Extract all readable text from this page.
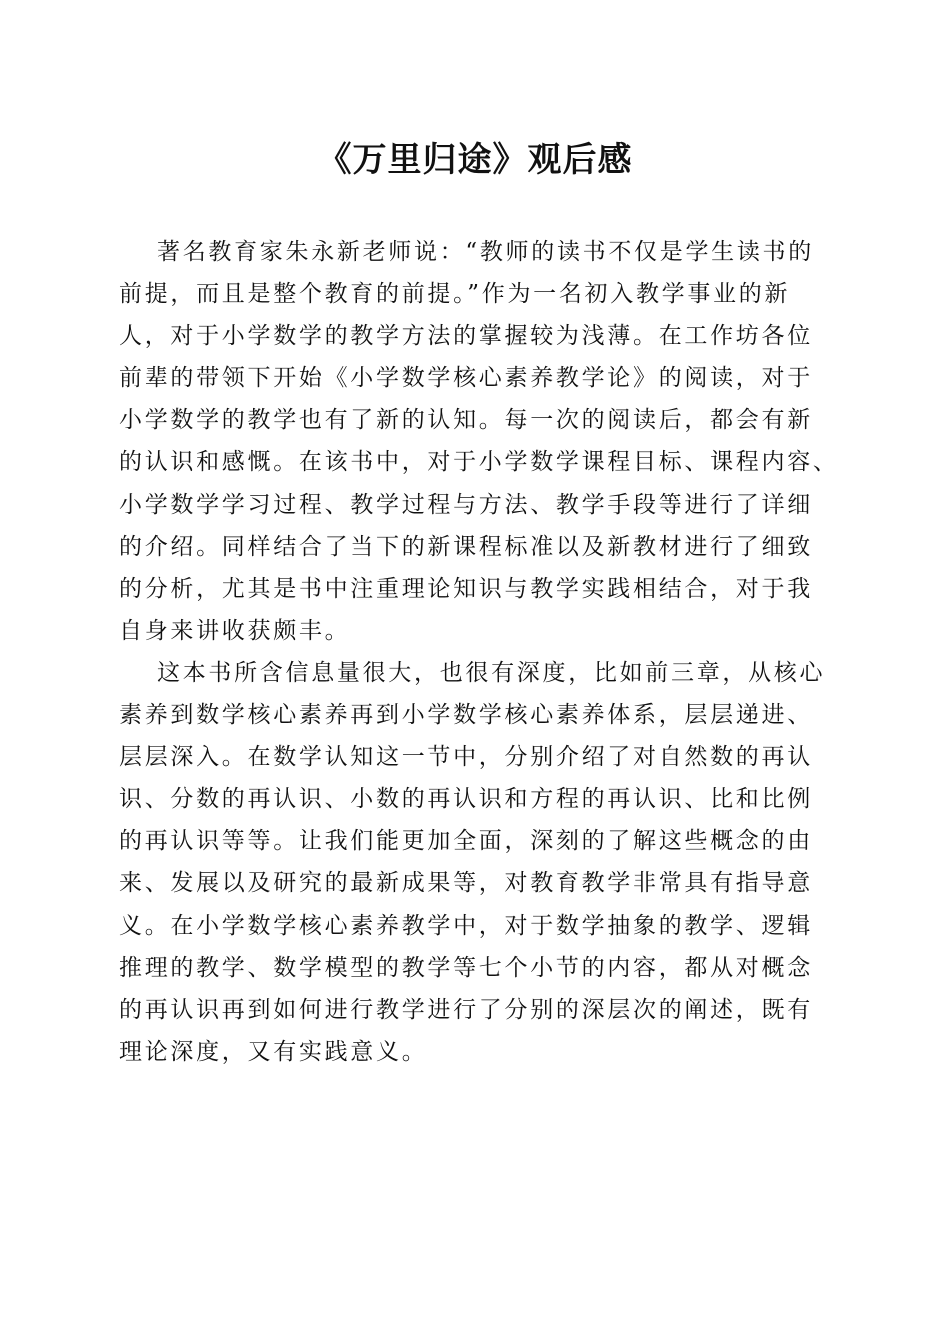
《万里归途》观后感
著名教育家朱永新老师说：“教师的读书不仅是学生读书的
前提，而且是整个教育的前提。”作为一名初入教学事业的新
人，对于小学数学的教学方法的掌握较为浅薄。在工作坊各位
前辈的带领下开始《小学数学核心素养教学论》的阅读，对于
小学数学的教学也有了新的认知。每一次的阅读后，都会有新
的认识和感慨。在该书中，对于小学数学课程目标、课程内容、
小学数学学习过程、教学过程与方法、教学手段等进行了详细
的介绍。同样结合了当下的新课程标准以及新教材进行了细致
的分析，尤其是书中注重理论知识与教学实践相结合，对于我
自身来讲收获颇丰。
这本书所含信息量很大，也很有深度，比如前三章，从核心
素养到数学核心素养再到小学数学核心素养体系，层层递进、
层层深入。在数学认知这一节中，分别介绍了对自然数的再认
识、分数的再认识、小数的再认识和方程的再认识、比和比例
的再认识等等。让我们能更加全面，深刻的了解这些概念的由
来、发展以及研究的最新成果等，对教育教学非常具有指导意
义。在小学数学核心素养教学中，对于数学抽象的教学、逻辑
推理的教学、数学模型的教学等七个小节的内容，都从对概念
的再认识再到如何进行教学进行了分别的深层次的阐述，既有
理论深度，又有实践意义。
